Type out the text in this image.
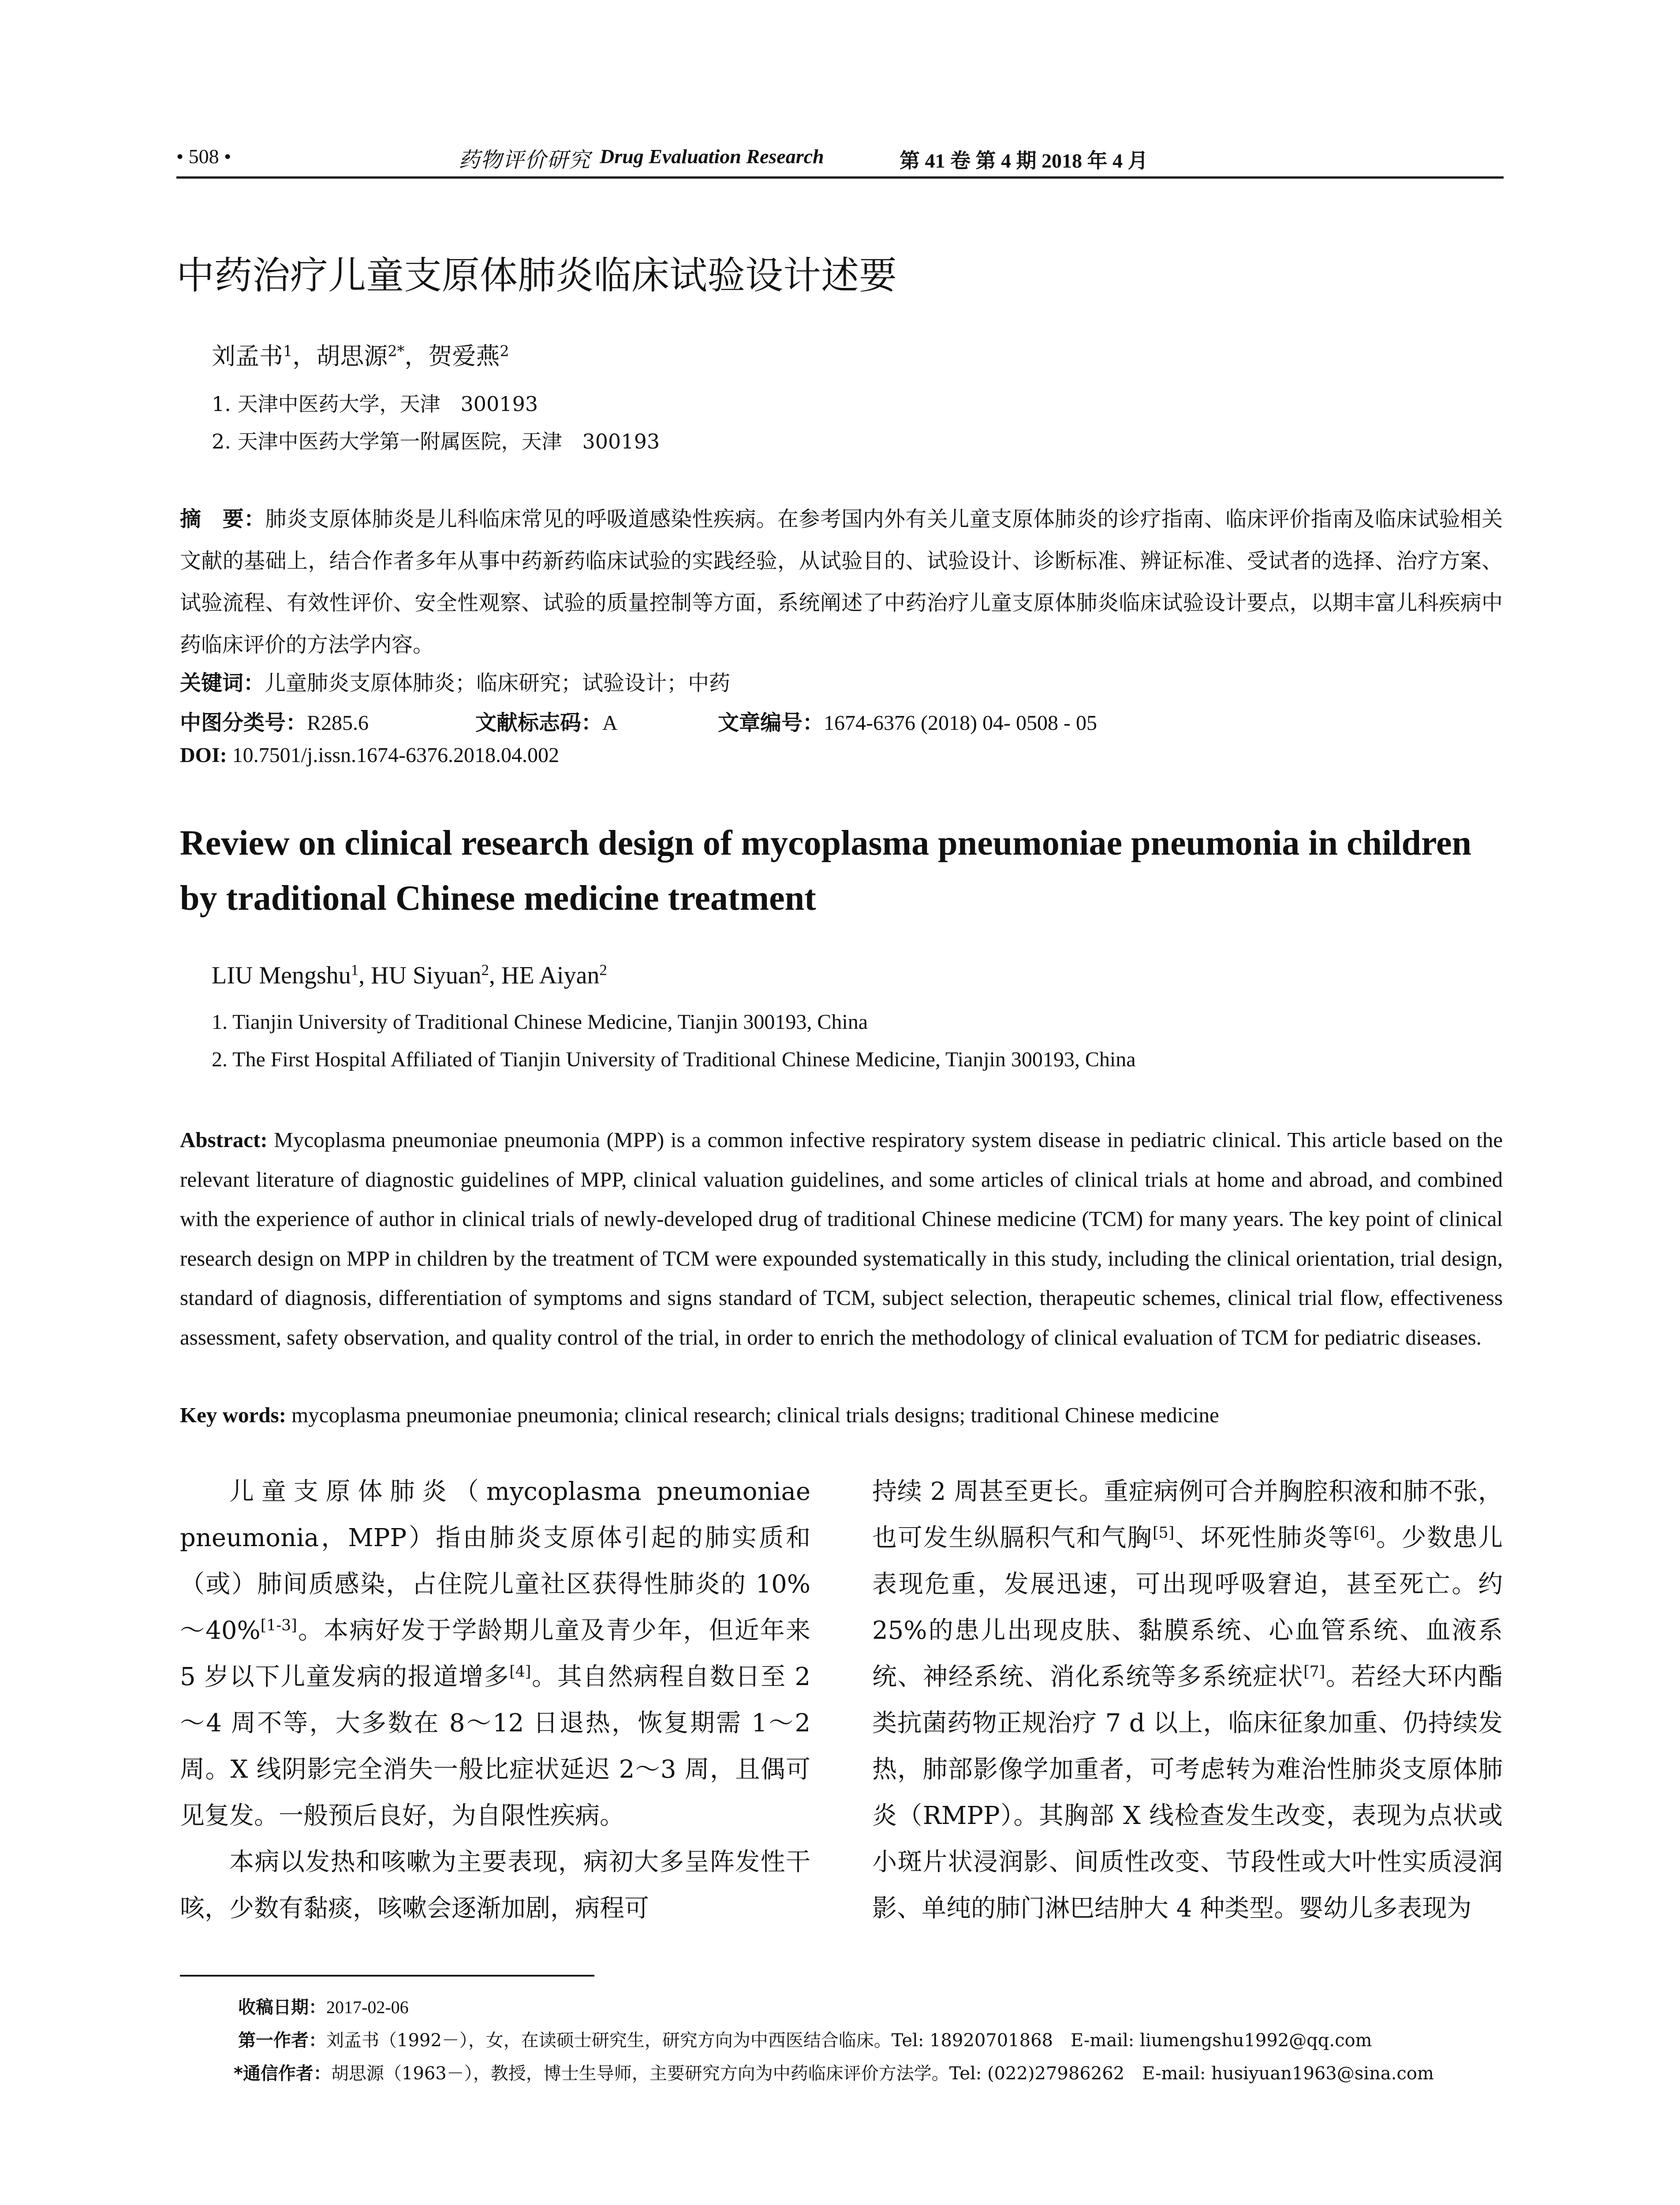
• 508 •	药物评价研究 Drug Evaluation Research	第 41 卷 第 4 期 2018 年 4 月
中药治疗儿童支原体肺炎临床试验设计述要
刘孟书$^1$，胡思源$^{2*}$，贺爱燕$^2$
1. 天津中医药大学，天津　300193
2. 天津中医药大学第一附属医院，天津　300193

摘　要：肺炎支原体肺炎是儿科临床常见的呼吸道感染性疾病。在参考国内外有关儿童支原体肺炎的诊疗指南、临床评价指南及临床试验相关文献的基础上，结合作者多年从事中药新药临床试验的实践经验，从试验目的、试验设计、诊断标准、辨证标准、受试者的选择、治疗方案、试验流程、有效性评价、安全性观察、试验的质量控制等方面，系统阐述了中药治疗儿童支原体肺炎临床试验设计要点，以期丰富儿科疾病中药临床评价的方法学内容。

关键词：儿童肺炎支原体肺炎；临床研究；试验设计；中药
中图分类号：R285.6	文献标志码：A	文章编号：1674-6376 (2018) 04- 0508 - 05
DOI: 10.7501/j.issn.1674-6376.2018.04.002

Review on clinical research design of mycoplasma pneumoniae pneumonia in children by traditional Chinese medicine treatment

LIU Mengshu$^1$, HU Siyuan$^2$, HE Aiyan$^2$
1. Tianjin University of Traditional Chinese Medicine, Tianjin 300193, China
2. The First Hospital Affiliated of Tianjin University of Traditional Chinese Medicine, Tianjin 300193, China

Abstract: Mycoplasma pneumoniae pneumonia (MPP) is a common infective respiratory system disease in pediatric clinical. This article based on the relevant literature of diagnostic guidelines of MPP, clinical valuation guidelines, and some articles of clinical trials at home and abroad, and combined with the experience of author in clinical trials of newly-developed drug of traditional Chinese medicine (TCM) for many years. The key point of clinical research design on MPP in children by the treatment of TCM were expounded systematically in this study, including the clinical orientation, trial design, standard of diagnosis, differentiation of symptoms and signs standard of TCM, subject selection, therapeutic schemes, clinical trial flow, effectiveness assessment, safety observation, and quality control of the trial, in order to enrich the methodology of clinical evaluation of TCM for pediatric diseases.

Key words: mycoplasma pneumoniae pneumonia; clinical research; clinical trials designs; traditional Chinese medicine

儿童支原体肺炎（mycoplasma pneumoniae pneumonia，MPP）指由肺炎支原体引起的肺实质和（或）肺间质感染，占住院儿童社区获得性肺炎的 10%～40%[1-3]。本病好发于学龄期儿童及青少年，但近年来 5 岁以下儿童发病的报道增多[4]。其自然病程自数日至 2～4 周不等，大多数在 8～12 日退热，恢复期需 1～2 周。X 线阴影完全消失一般比症状延迟 2～3 周，且偶可见复发。一般预后良好，为自限性疾病。
本病以发热和咳嗽为主要表现，病初大多呈阵发性干咳，少数有黏痰，咳嗽会逐渐加剧，病程可

持续 2 周甚至更长。重症病例可合并胸腔积液和肺不张，也可发生纵膈积气和气胸[5]、坏死性肺炎等[6]。少数患儿表现危重，发展迅速，可出现呼吸窘迫，甚至死亡。约 25%的患儿出现皮肤、黏膜系统、心血管系统、血液系统、神经系统、消化系统等多系统症状[7]。若经大环内酯类抗菌药物正规治疗 7 d 以上，临床征象加重、仍持续发热，肺部影像学加重者，可考虑转为难治性肺炎支原体肺炎（RMPP）。其胸部 X 线检查发生改变，表现为点状或小斑片状浸润影、间质性改变、节段性或大叶性实质浸润影、单纯的肺门淋巴结肿大 4 种类型。婴幼儿多表现为

收稿日期：2017-02-06
第一作者：刘孟书（1992－），女，在读硕士研究生，研究方向为中西医结合临床。Tel: 18920701868　E-mail: liumengshu1992@qq.com
*通信作者：胡思源（1963－），教授，博士生导师，主要研究方向为中药临床评价方法学。Tel: (022)27986262　E-mail: husiyuan1963@sina.com
